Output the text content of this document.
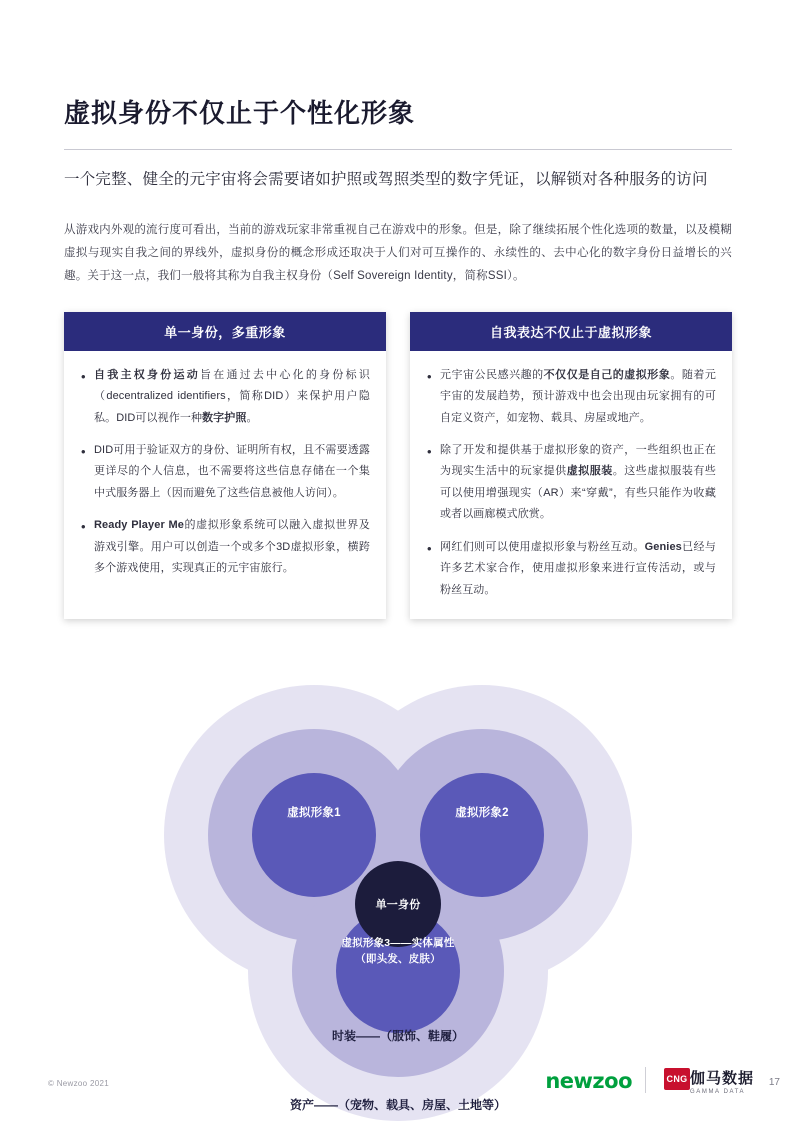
虚拟身份不仅止于个性化形象
一个完整、健全的元宇宙将会需要诸如护照或驾照类型的数字凭证，以解锁对各种服务的访问
从游戏内外观的流行度可看出，当前的游戏玩家非常重视自己在游戏中的形象。但是，除了继续拓展个性化选项的数量，以及模糊虚拟与现实自我之间的界线外，虚拟身份的概念形成还取决于人们对可互操作的、永续性的、去中心化的数字身份日益增长的兴趣。关于这一点，我们一般将其称为自我主权身份（Self Sovereign Identity，简称SSI）。
单一身份，多重形象
• 自我主权身份运动旨在通过去中心化的身份标识（decentralized identifiers，简称DID）来保护用户隐私。DID可以视作一种数字护照。
• DID可用于验证双方的身份、证明所有权，且不需要透露更详尽的个人信息，也不需要将这些信息存储在一个集中式服务器上（因而避免了这些信息被他人访问）。
• Ready Player Me的虚拟形象系统可以融入虚拟世界及游戏引擎。用户可以创造一个或多个3D虚拟形象，横跨多个游戏使用，实现真正的元宇宙旅行。
自我表达不仅止于虚拟形象
• 元宇宙公民感兴趣的不仅仅是自己的虚拟形象。随着元宇宙的发展趋势，预计游戏中也会出现由玩家拥有的可自定义资产，如宠物、载具、房屋或地产。
• 除了开发和提供基于虚拟形象的资产，一些组织也正在为现实生活中的玩家提供虚拟服装。这些虚拟服装有些可以使用增强现实（AR）来“穿戴”，有些只能作为收藏或者以画廊模式欣赏。
• 网红们则可以使用虚拟形象与粉丝互动。Genies已经与许多艺术家合作，使用虚拟形象来进行宣传活动，或与粉丝互动。
虚拟形象1	虚拟形象2
虚拟形象3——实体属性（即头发、皮肤）
单一身份
时装——（服饰、鞋履）
资产——（宠物、载具、房屋、土地等）
© Newzoo 2021	newzoo	CNG 伽马数据
GAMMA DATA
17
